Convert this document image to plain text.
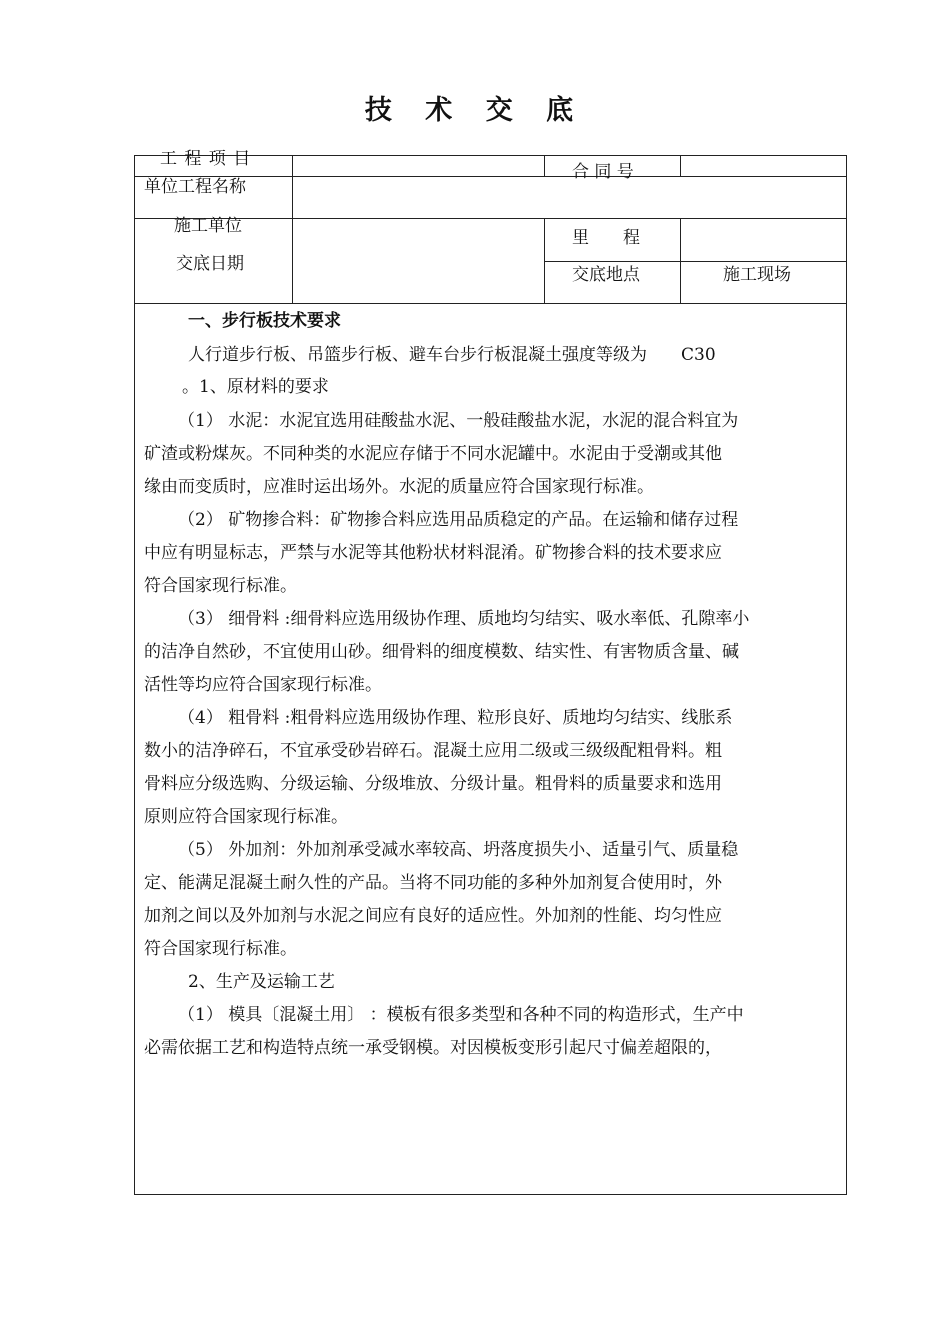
技 术 交 底
工 程 项 目
单位工程名称
合 同 号
施工单位
里　　程
交底日期
交底地点	施工现场
一、步行板技术要求
人行道步行板、吊篮步行板、避车台步行板混凝土强度等级为　　C30
。1、原材料的要求
（1） 水泥：水泥宜选用硅酸盐水泥、一般硅酸盐水泥，水泥的混合料宜为
矿渣或粉煤灰。不同种类的水泥应存储于不同水泥罐中。水泥由于受潮或其他
缘由而变质时，应准时运出场外。水泥的质量应符合国家现行标准。
（2） 矿物掺合料：矿物掺合料应选用品质稳定的产品。在运输和储存过程
中应有明显标志，严禁与水泥等其他粉状材料混淆。矿物掺合料的技术要求应
符合国家现行标准。
（3） 细骨料 :细骨料应选用级协作理、质地均匀结实、吸水率低、孔隙率小
的洁净自然砂，不宜使用山砂。细骨料的细度模数、结实性、有害物质含量、碱
活性等均应符合国家现行标准。
（4） 粗骨料 :粗骨料应选用级协作理、粒形良好、质地均匀结实、线胀系
数小的洁净碎石，不宜承受砂岩碎石。混凝土应用二级或三级级配粗骨料。粗
骨料应分级选购、分级运输、分级堆放、分级计量。粗骨料的质量要求和选用
原则应符合国家现行标准。
（5） 外加剂：外加剂承受减水率较高、坍落度损失小、适量引气、质量稳
定、能满足混凝土耐久性的产品。当将不同功能的多种外加剂复合使用时，外
加剂之间以及外加剂与水泥之间应有良好的适应性。外加剂的性能、均匀性应
符合国家现行标准。
2、生产及运输工艺
（1） 模具〔混凝土用〕 ：模板有很多类型和各种不同的构造形式，生产中
必需依据工艺和构造特点统一承受钢模。对因模板变形引起尺寸偏差超限的，
